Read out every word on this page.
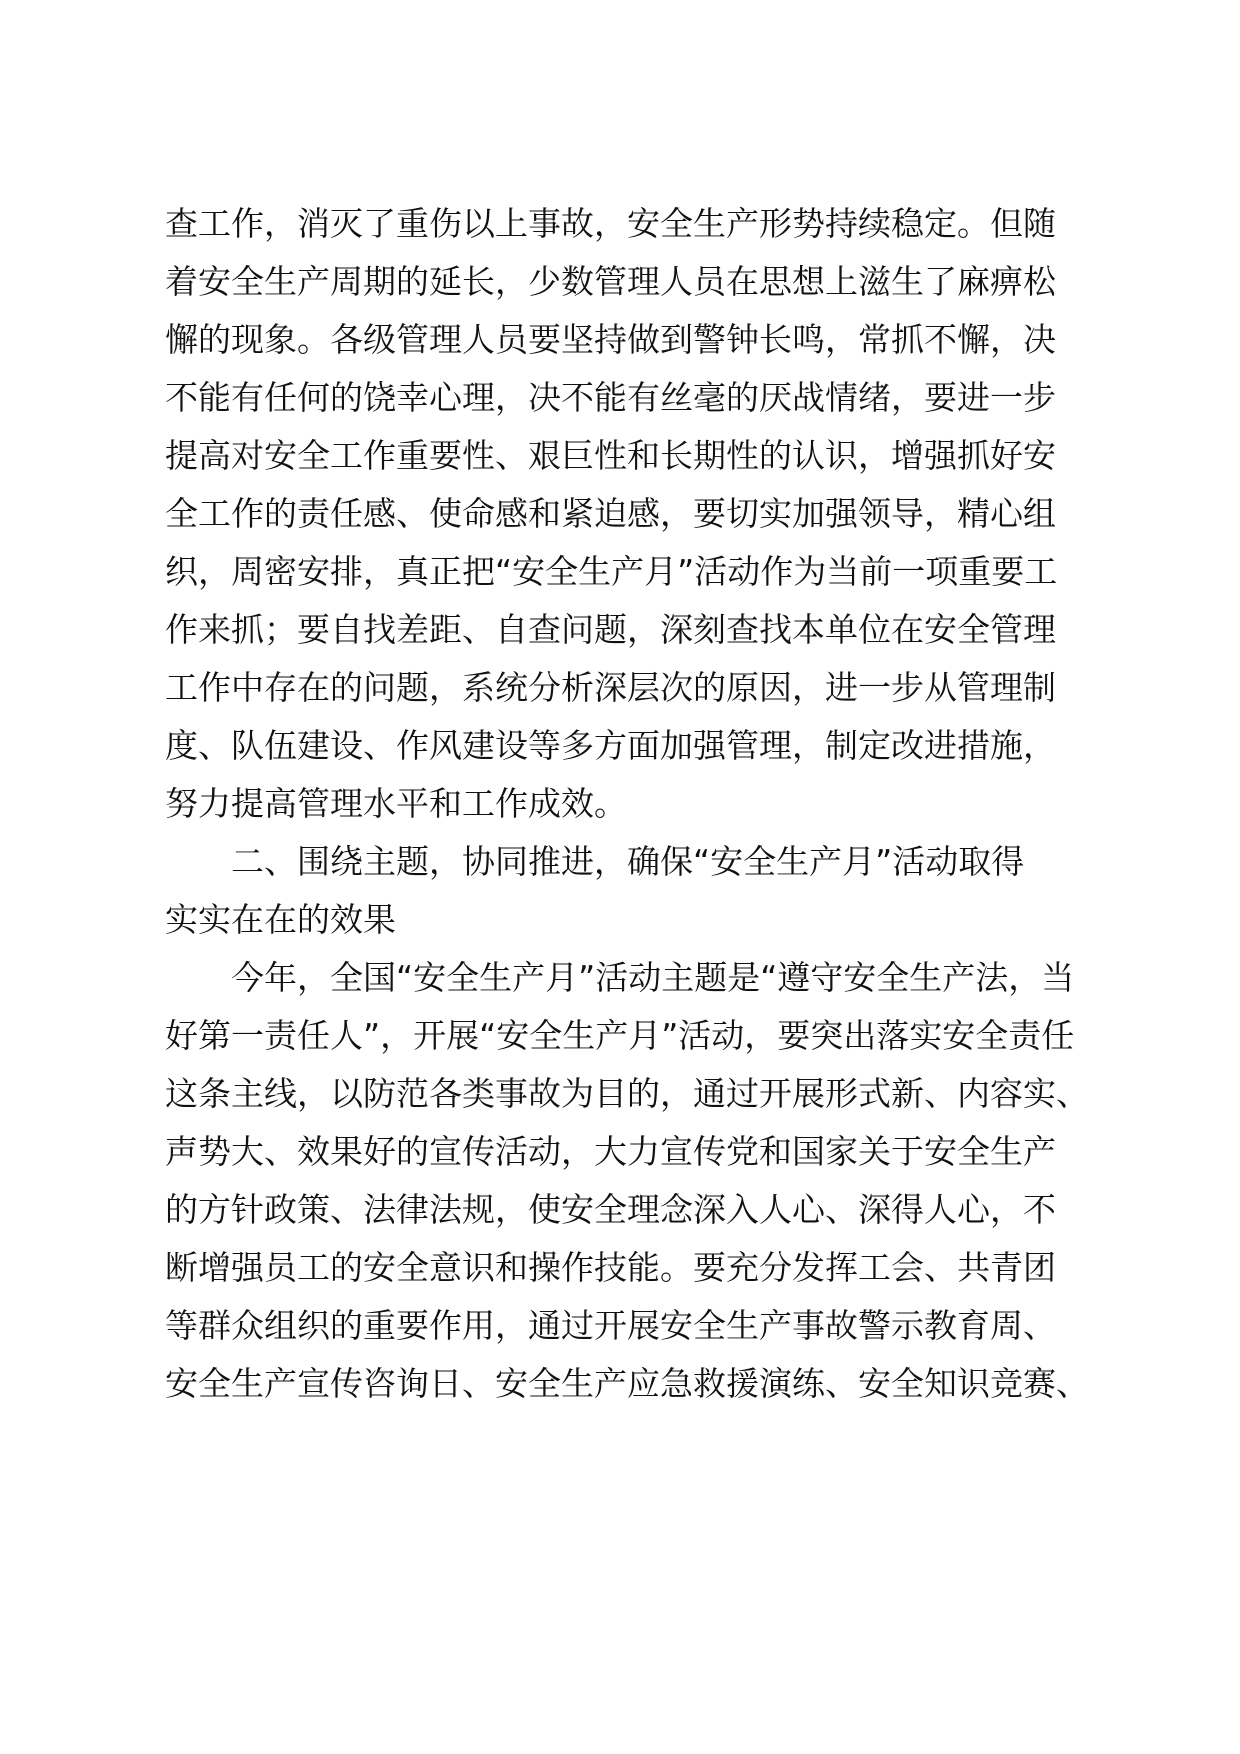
查工作，消灭了重伤以上事故，安全生产形势持续稳定。但随
着安全生产周期的延长，少数管理人员在思想上滋生了麻痹松
懈的现象。各级管理人员要坚持做到警钟长鸣，常抓不懈，决
不能有任何的饶幸心理，决不能有丝毫的厌战情绪，要进一步
提高对安全工作重要性、艰巨性和长期性的认识，增强抓好安
全工作的责任感、使命感和紧迫感，要切实加强领导，精心组
织，周密安排，真正把“安全生产月”活动作为当前一项重要工
作来抓；要自找差距、自查问题，深刻查找本单位在安全管理
工作中存在的问题，系统分析深层次的原因，进一步从管理制
度、队伍建设、作风建设等多方面加强管理，制定改进措施，
努力提高管理水平和工作成效。
二、围绕主题，协同推进，确保“安全生产月”活动取得
实实在在的效果
今年，全国“安全生产月”活动主题是“遵守安全生产法，当
好第一责任人”，开展“安全生产月”活动，要突出落实安全责任
这条主线，以防范各类事故为目的，通过开展形式新、内容实、
声势大、效果好的宣传活动，大力宣传党和国家关于安全生产
的方针政策、法律法规，使安全理念深入人心、深得人心，不
断增强员工的安全意识和操作技能。要充分发挥工会、共青团
等群众组织的重要作用，通过开展安全生产事故警示教育周、
安全生产宣传咨询日、安全生产应急救援演练、安全知识竞赛、
